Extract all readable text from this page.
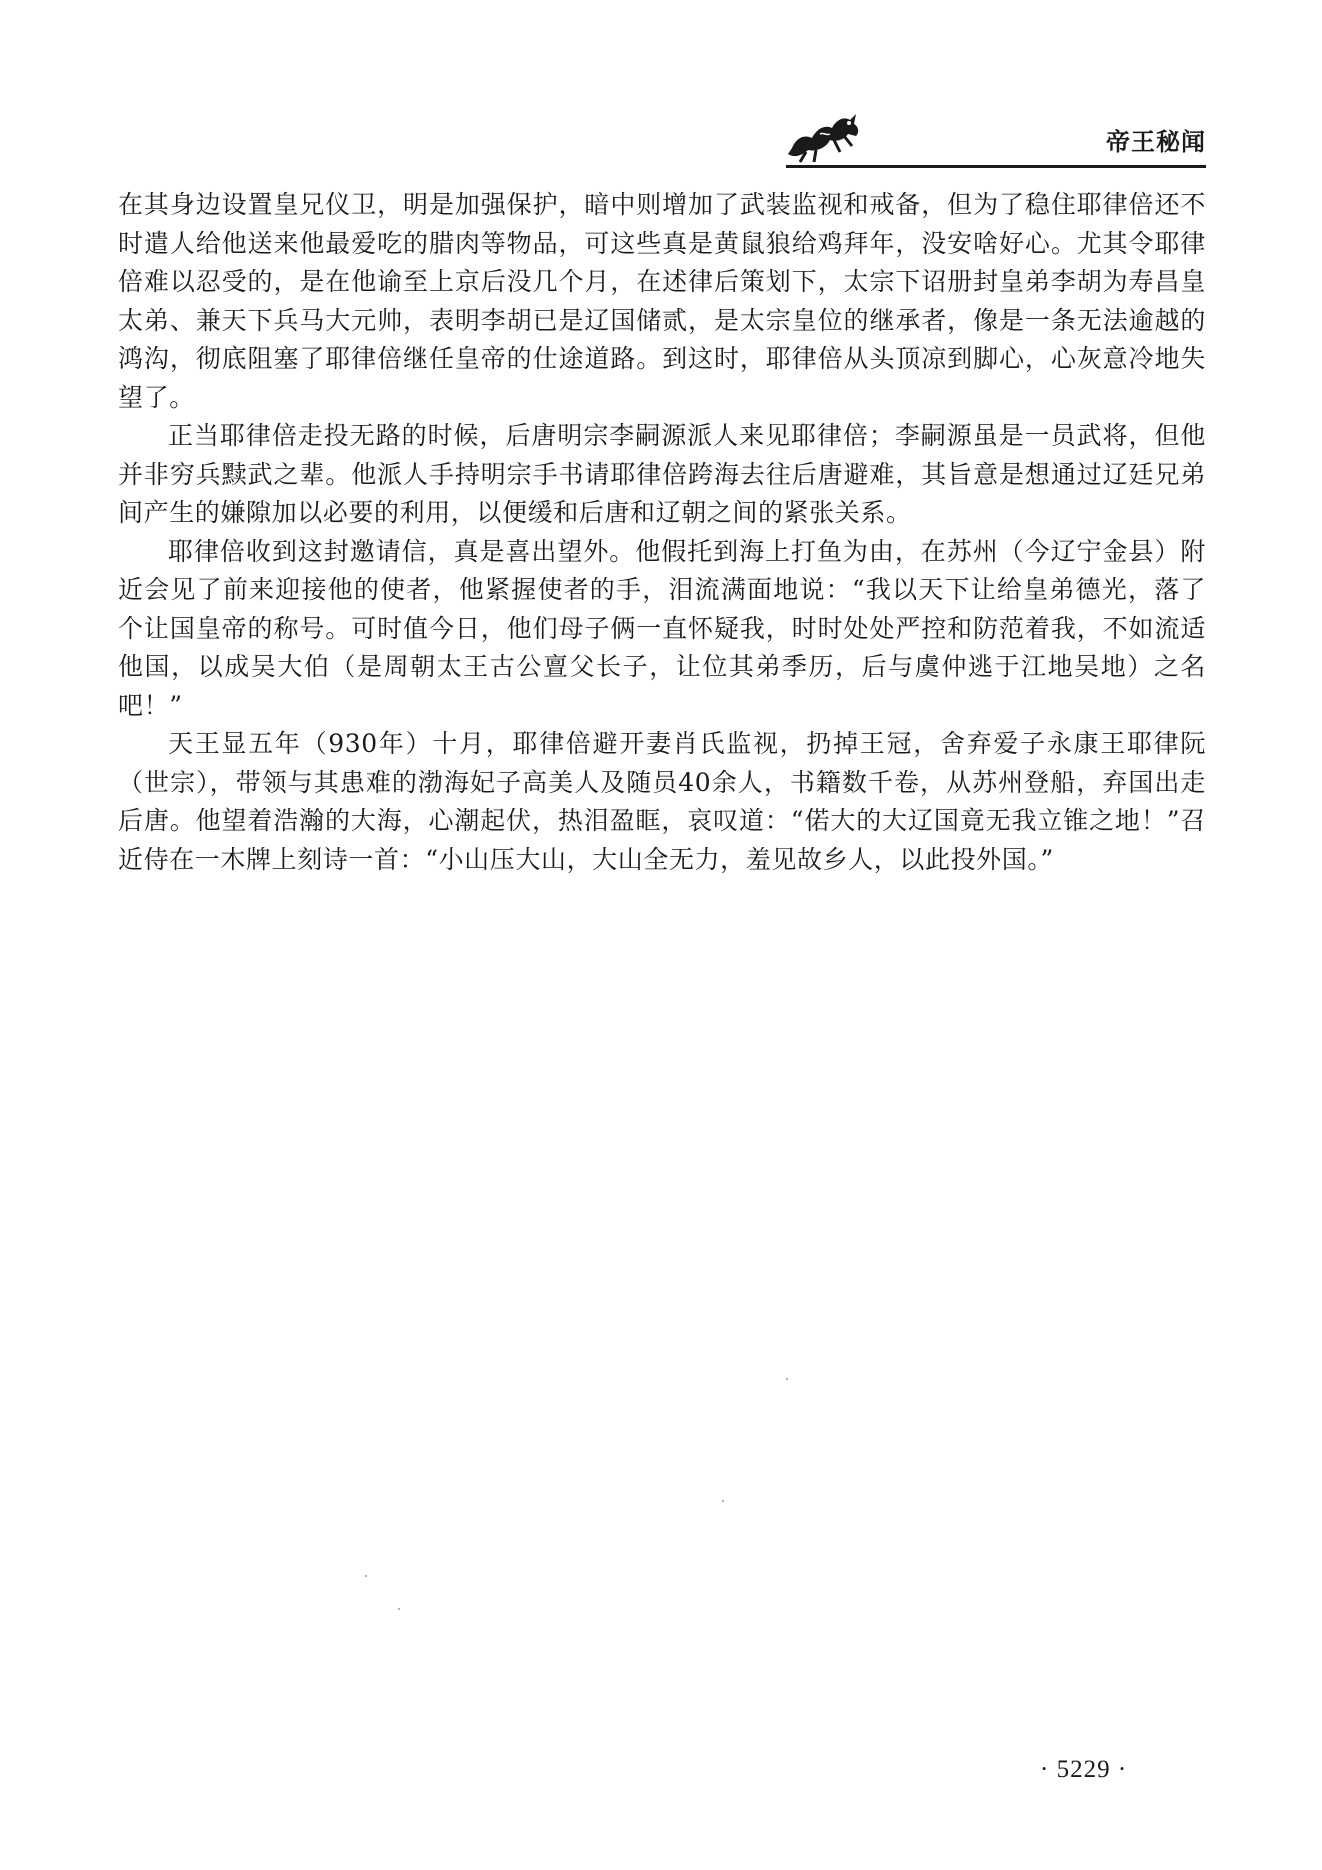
帝王秘闻

在其身边设置皇兄仪卫，明是加强保护，暗中则增加了武装监视和戒备，但为了稳住耶律倍还不时遣人给他送来他最爱吃的腊肉等物品，可这些真是黄鼠狼给鸡拜年，没安啥好心。尤其令耶律倍难以忍受的，是在他谕至上京后没几个月，在述律后策划下，太宗下诏册封皇弟李胡为寿昌皇太弟、兼天下兵马大元帅，表明李胡已是辽国储贰，是太宗皇位的继承者，像是一条无法逾越的鸿沟，彻底阻塞了耶律倍继任皇帝的仕途道路。到这时，耶律倍从头顶凉到脚心，心灰意冷地失望了。

正当耶律倍走投无路的时候，后唐明宗李嗣源派人来见耶律倍；李嗣源虽是一员武将，但他并非穷兵黩武之辈。他派人手持明宗手书请耶律倍跨海去往后唐避难，其旨意是想通过辽廷兄弟间产生的嫌隙加以必要的利用，以便缓和后唐和辽朝之间的紧张关系。

耶律倍收到这封邀请信，真是喜出望外。他假托到海上打鱼为由，在苏州（今辽宁金县）附近会见了前来迎接他的使者，他紧握使者的手，泪流满面地说：“我以天下让给皇弟德光，落了个让国皇帝的称号。可时值今日，他们母子俩一直怀疑我，时时处处严控和防范着我，不如流适他国，以成吴大伯（是周朝太王古公亶父长子，让位其弟季历，后与虞仲逃于江地吴地）之名吧！”

天王显五年（930年）十月，耶律倍避开妻肖氏监视，扔掉王冠，舍弃爱子永康王耶律阮（世宗），带领与其患难的渤海妃子高美人及随员40余人，书籍数千卷，从苏州登船，弃国出走后唐。他望着浩瀚的大海，心潮起伏，热泪盈眶，哀叹道：“偌大的大辽国竟无我立锥之地！”召近侍在一木牌上刻诗一首：“小山压大山，大山全无力，羞见故乡人，以此投外国。”

· 5229 ·
